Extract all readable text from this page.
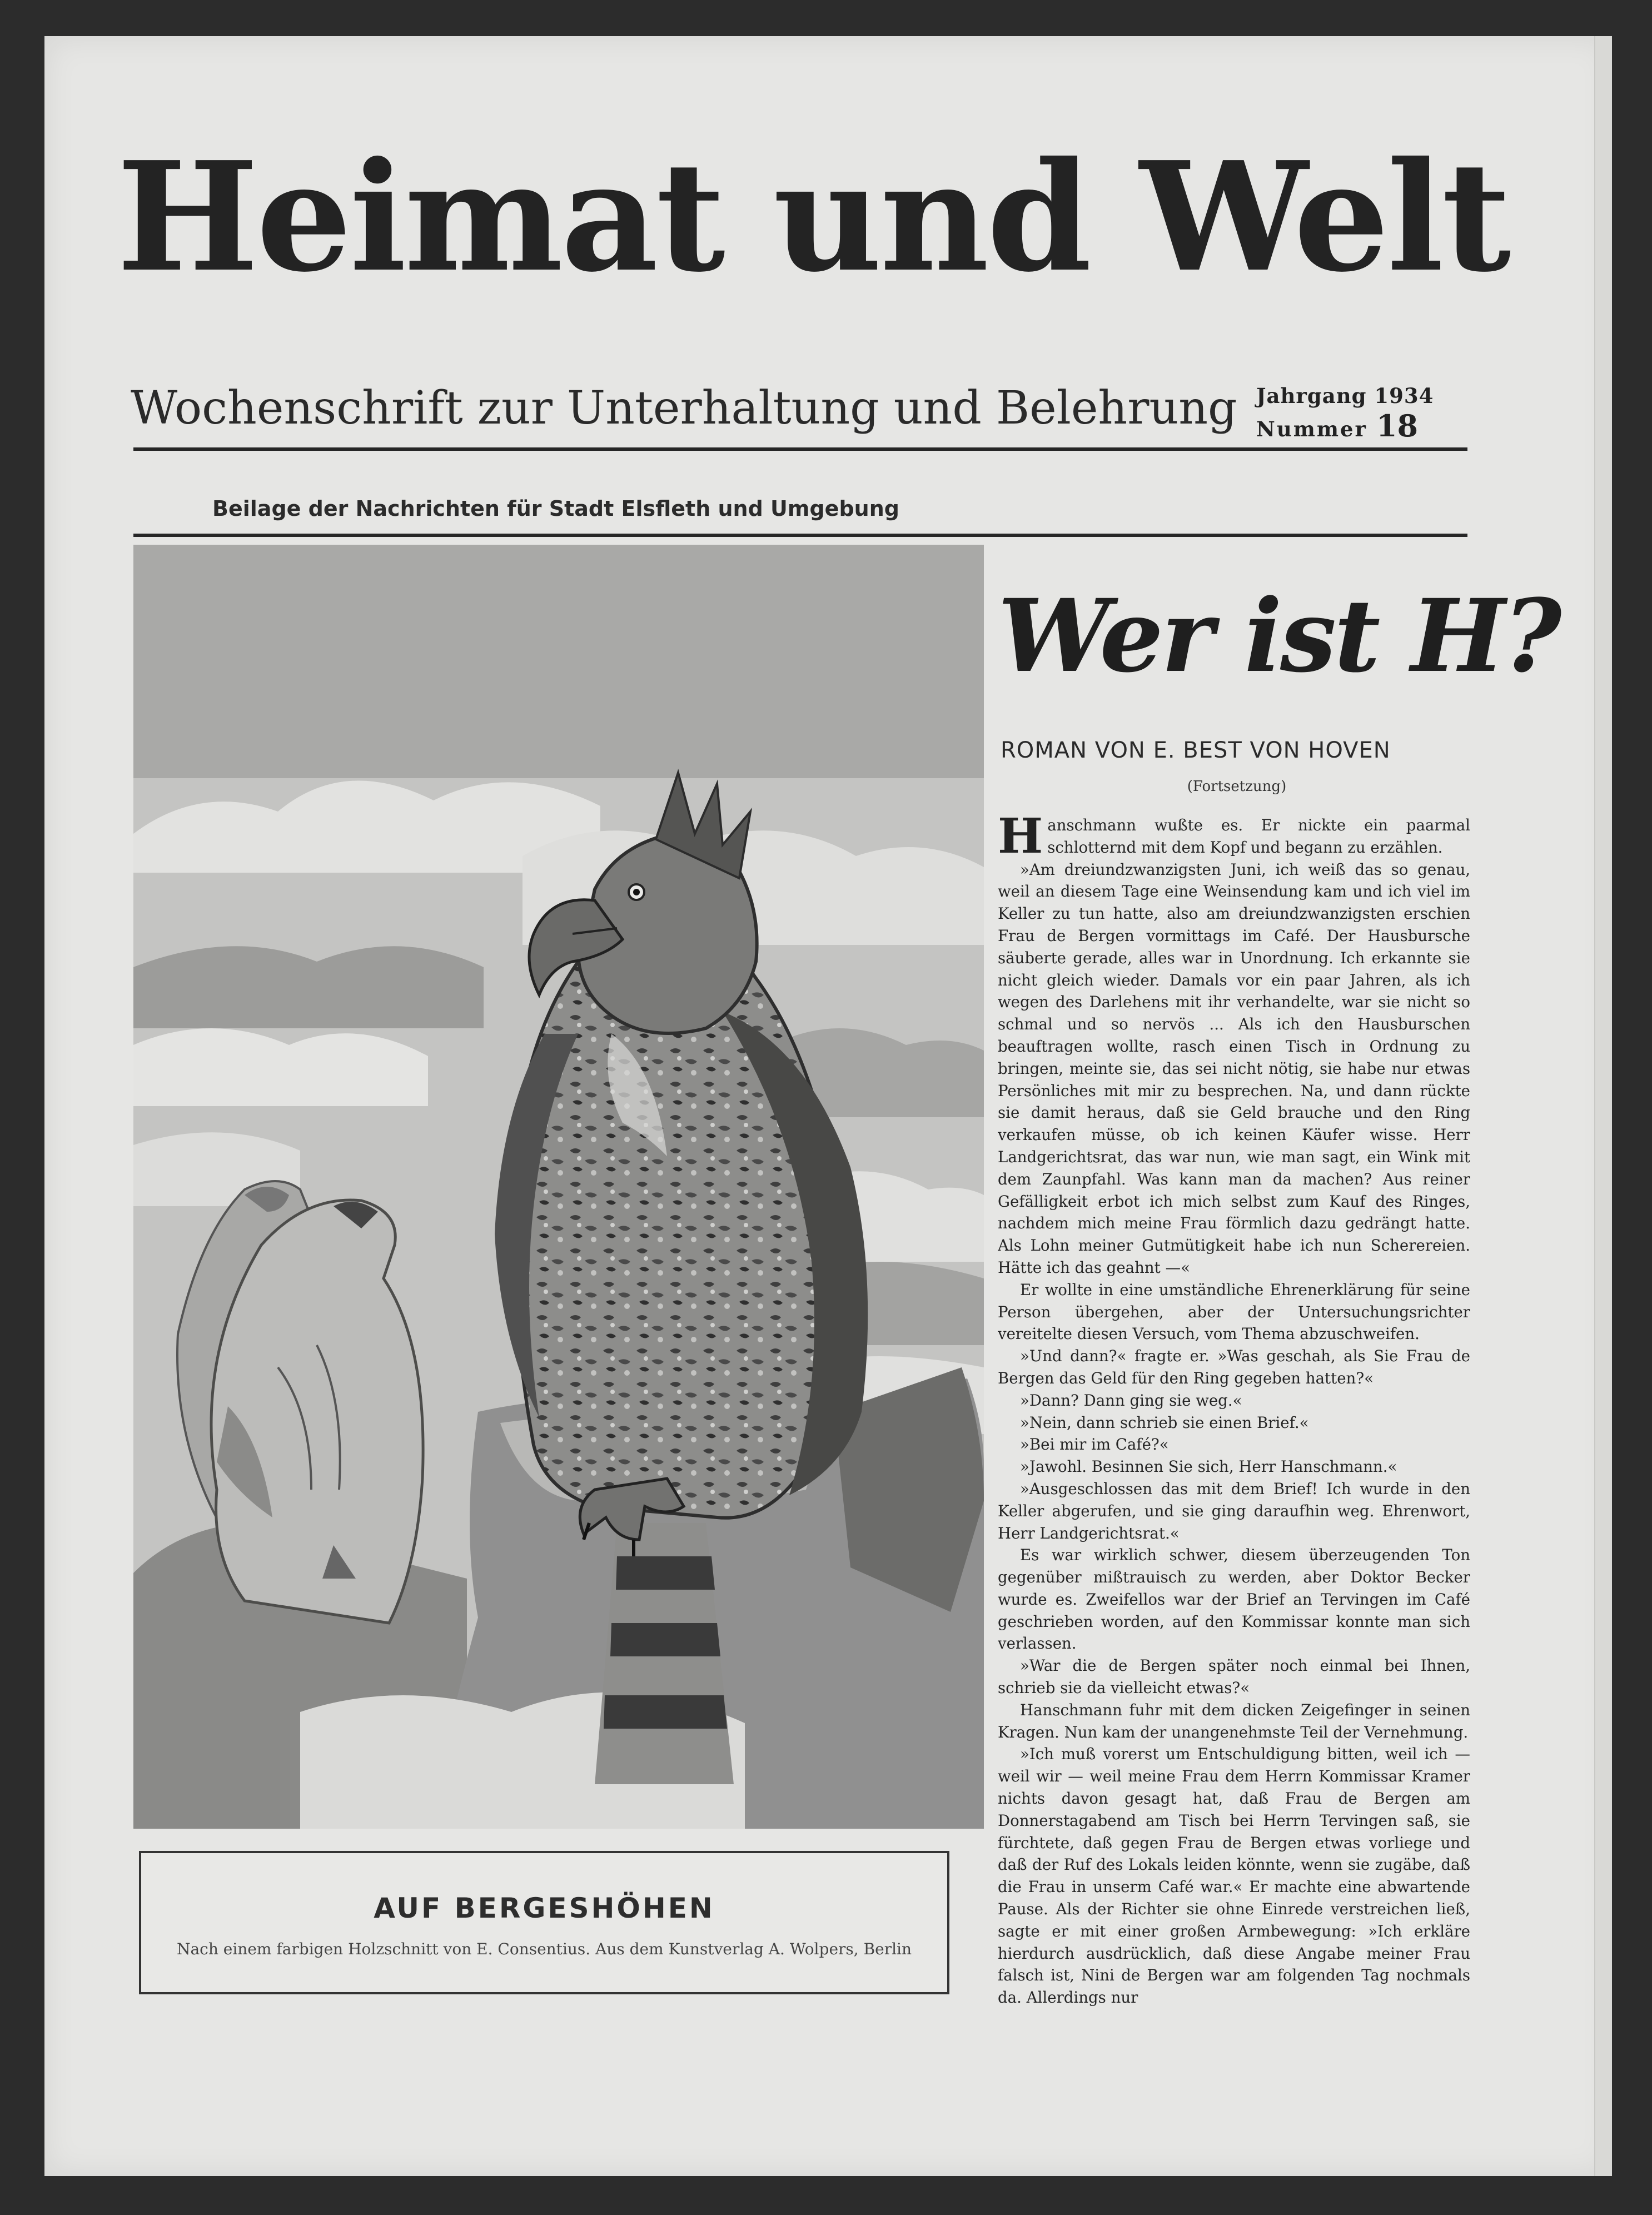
Heimat und Welt
Wochenschrift zur Unterhaltung und Belehrung Jahrgang 1934
Nummer 18
Beilage der Nachrichten für Stadt Elsfleth und Umgebung
AUF BERGESHÖHEN
Nach einem farbigen Holzschnitt von E. Consentius. Aus dem Kunstverlag A. Wolpers, Berlin
Wer ist H?
ROMAN VON E. BEST VON HOVEN
(Fortsetzung)

Hanschmann wußte es. Er nickte ein paarmal schlotternd mit dem Kopf und begann zu erzählen.

»Am dreiundzwanzigsten Juni, ich weiß das so genau, weil an diesem Tage eine Weinsendung kam und ich viel im Keller zu tun hatte, also am dreiundzwanzigsten erschien Frau de Bergen vormittags im Café. Der Hausbursche säuberte gerade, alles war in Unordnung. Ich erkannte sie nicht gleich wieder. Damals vor ein paar Jahren, als ich wegen des Darlehens mit ihr verhandelte, war sie nicht so schmal und so nervös ... Als ich den Hausburschen beauftragen wollte, rasch einen Tisch in Ordnung zu bringen, meinte sie, das sei nicht nötig, sie habe nur etwas Persönliches mit mir zu besprechen. Na, und dann rückte sie damit heraus, daß sie Geld brauche und den Ring verkaufen müsse, ob ich keinen Käufer wisse. Herr Landgerichtsrat, das war nun, wie man sagt, ein Wink mit dem Zaunpfahl. Was kann man da machen? Aus reiner Gefälligkeit erbot ich mich selbst zum Kauf des Ringes, nachdem mich meine Frau förmlich dazu gedrängt hatte. Als Lohn meiner Gutmütigkeit habe ich nun Scherereien. Hätte ich das geahnt —«

Er wollte in eine umständliche Ehrenerklärung für seine Person übergehen, aber der Untersuchungsrichter vereitelte diesen Versuch, vom Thema abzuschweifen.

»Und dann?« fragte er. »Was geschah, als Sie Frau de Bergen das Geld für den Ring gegeben hatten?«

»Dann? Dann ging sie weg.«

»Nein, dann schrieb sie einen Brief.«

»Bei mir im Café?«

»Jawohl. Besinnen Sie sich, Herr Hanschmann.«

»Ausgeschlossen das mit dem Brief! Ich wurde in den Keller abgerufen, und sie ging daraufhin weg. Ehrenwort, Herr Landgerichtsrat.«

Es war wirklich schwer, diesem überzeugenden Ton gegenüber mißtrauisch zu werden, aber Doktor Becker wurde es. Zweifellos war der Brief an Tervingen im Café geschrieben worden, auf den Kommissar konnte man sich verlassen.

»War die de Bergen später noch einmal bei Ihnen, schrieb sie da vielleicht etwas?«

Hanschmann fuhr mit dem dicken Zeigefinger in seinen Kragen. Nun kam der unangenehmste Teil der Vernehmung.

»Ich muß vorerst um Entschuldigung bitten, weil ich — weil wir — weil meine Frau dem Herrn Kommissar Kramer nichts davon gesagt hat, daß Frau de Bergen am Donnerstagabend am Tisch bei Herrn Tervingen saß, sie fürchtete, daß gegen Frau de Bergen etwas vorliege und daß der Ruf des Lokals leiden könnte, wenn sie zugäbe, daß die Frau in unserm Café war.« Er machte eine abwartende Pause. Als der Richter sie ohne Einrede verstreichen ließ, sagte er mit einer großen Armbewegung: »Ich erkläre hierdurch ausdrücklich, daß diese Angabe meiner Frau falsch ist, Nini de Bergen war am folgenden Tag nochmals da. Allerdings nur
